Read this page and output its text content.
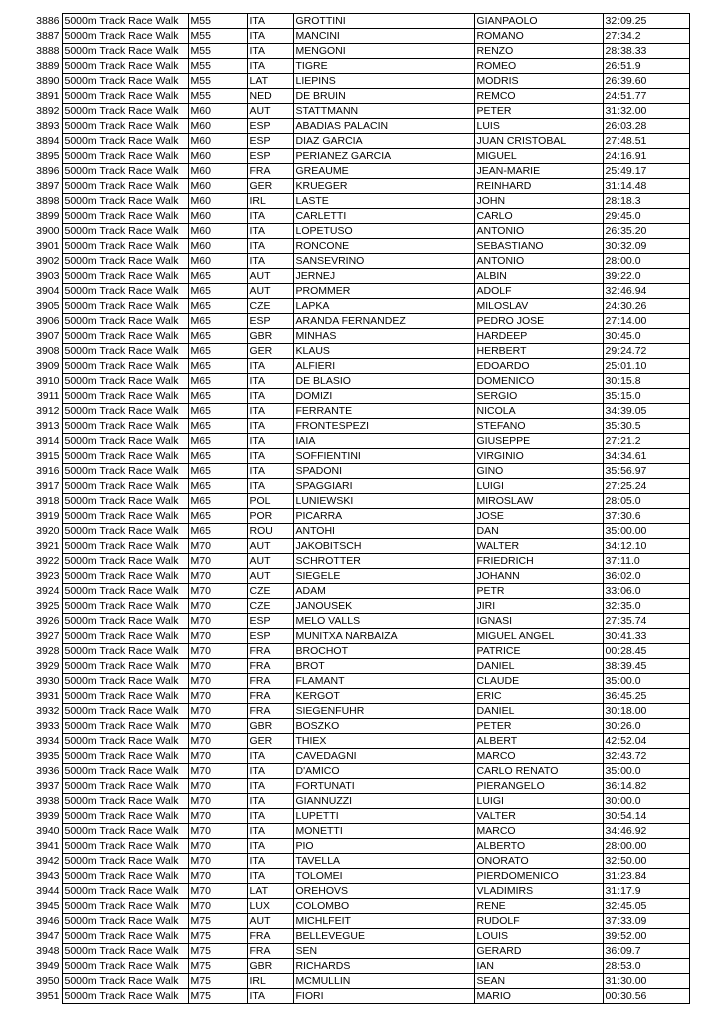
3886	5000m Track Race Walk	M55	ITA	GROTTINI	GIANPAOLO	32:09.25
3887	5000m Track Race Walk	M55	ITA	MANCINI	ROMANO	27:34.2
3888	5000m Track Race Walk	M55	ITA	MENGONI	RENZO	28:38.33
3889	5000m Track Race Walk	M55	ITA	TIGRE	ROMEO	26:51.9
3890	5000m Track Race Walk	M55	LAT	LIEPINS	MODRIS	26:39.60
3891	5000m Track Race Walk	M55	NED	DE BRUIN	REMCO	24:51.77
3892	5000m Track Race Walk	M60	AUT	STATTMANN	PETER	31:32.00
3893	5000m Track Race Walk	M60	ESP	ABADIAS PALACIN	LUIS	26:03.28
3894	5000m Track Race Walk	M60	ESP	DIAZ GARCIA	JUAN CRISTOBAL	27:48.51
3895	5000m Track Race Walk	M60	ESP	PERIANEZ GARCIA	MIGUEL	24:16.91
3896	5000m Track Race Walk	M60	FRA	GREAUME	JEAN-MARIE	25:49.17
3897	5000m Track Race Walk	M60	GER	KRUEGER	REINHARD	31:14.48
3898	5000m Track Race Walk	M60	IRL	LASTE	JOHN	28:18.3
3899	5000m Track Race Walk	M60	ITA	CARLETTI	CARLO	29:45.0
3900	5000m Track Race Walk	M60	ITA	LOPETUSO	ANTONIO	26:35.20
3901	5000m Track Race Walk	M60	ITA	RONCONE	SEBASTIANO	30:32.09
3902	5000m Track Race Walk	M60	ITA	SANSEVRINO	ANTONIO	28:00.0
3903	5000m Track Race Walk	M65	AUT	JERNEJ	ALBIN	39:22.0
3904	5000m Track Race Walk	M65	AUT	PROMMER	ADOLF	32:46.94
3905	5000m Track Race Walk	M65	CZE	LAPKA	MILOSLAV	24:30.26
3906	5000m Track Race Walk	M65	ESP	ARANDA FERNANDEZ	PEDRO JOSE	27:14.00
3907	5000m Track Race Walk	M65	GBR	MINHAS	HARDEEP	30:45.0
3908	5000m Track Race Walk	M65	GER	KLAUS	HERBERT	29:24.72
3909	5000m Track Race Walk	M65	ITA	ALFIERI	EDOARDO	25:01.10
3910	5000m Track Race Walk	M65	ITA	DE BLASIO	DOMENICO	30:15.8
3911	5000m Track Race Walk	M65	ITA	DOMIZI	SERGIO	35:15.0
3912	5000m Track Race Walk	M65	ITA	FERRANTE	NICOLA	34:39.05
3913	5000m Track Race Walk	M65	ITA	FRONTESPEZI	STEFANO	35:30.5
3914	5000m Track Race Walk	M65	ITA	IAIA	GIUSEPPE	27:21.2
3915	5000m Track Race Walk	M65	ITA	SOFFIENTINI	VIRGINIO	34:34.61
3916	5000m Track Race Walk	M65	ITA	SPADONI	GINO	35:56.97
3917	5000m Track Race Walk	M65	ITA	SPAGGIARI	LUIGI	27:25.24
3918	5000m Track Race Walk	M65	POL	LUNIEWSKI	MIROSLAW	28:05.0
3919	5000m Track Race Walk	M65	POR	PICARRA	JOSE	37:30.6
3920	5000m Track Race Walk	M65	ROU	ANTOHI	DAN	35:00.00
3921	5000m Track Race Walk	M70	AUT	JAKOBITSCH	WALTER	34:12.10
3922	5000m Track Race Walk	M70	AUT	SCHROTTER	FRIEDRICH	37:11.0
3923	5000m Track Race Walk	M70	AUT	SIEGELE	JOHANN	36:02.0
3924	5000m Track Race Walk	M70	CZE	ADAM	PETR	33:06.0
3925	5000m Track Race Walk	M70	CZE	JANOUSEK	JIRI	32:35.0
3926	5000m Track Race Walk	M70	ESP	MELO VALLS	IGNASI	27:35.74
3927	5000m Track Race Walk	M70	ESP	MUNITXA NARBAIZA	MIGUEL ANGEL	30:41.33
3928	5000m Track Race Walk	M70	FRA	BROCHOT	PATRICE	00:28.45
3929	5000m Track Race Walk	M70	FRA	BROT	DANIEL	38:39.45
3930	5000m Track Race Walk	M70	FRA	FLAMANT	CLAUDE	35:00.0
3931	5000m Track Race Walk	M70	FRA	KERGOT	ERIC	36:45.25
3932	5000m Track Race Walk	M70	FRA	SIEGENFUHR	DANIEL	30:18.00
3933	5000m Track Race Walk	M70	GBR	BOSZKO	PETER	30:26.0
3934	5000m Track Race Walk	M70	GER	THIEX	ALBERT	42:52.04
3935	5000m Track Race Walk	M70	ITA	CAVEDAGNI	MARCO	32:43.72
3936	5000m Track Race Walk	M70	ITA	D'AMICO	CARLO RENATO	35:00.0
3937	5000m Track Race Walk	M70	ITA	FORTUNATI	PIERANGELO	36:14.82
3938	5000m Track Race Walk	M70	ITA	GIANNUZZI	LUIGI	30:00.0
3939	5000m Track Race Walk	M70	ITA	LUPETTI	VALTER	30:54.14
3940	5000m Track Race Walk	M70	ITA	MONETTI	MARCO	34:46.92
3941	5000m Track Race Walk	M70	ITA	PIO	ALBERTO	28:00.00
3942	5000m Track Race Walk	M70	ITA	TAVELLA	ONORATO	32:50.00
3943	5000m Track Race Walk	M70	ITA	TOLOMEI	PIERDOMENICO	31:23.84
3944	5000m Track Race Walk	M70	LAT	OREHOVS	VLADIMIRS	31:17.9
3945	5000m Track Race Walk	M70	LUX	COLOMBO	RENE	32:45.05
3946	5000m Track Race Walk	M75	AUT	MICHLFEIT	RUDOLF	37:33.09
3947	5000m Track Race Walk	M75	FRA	BELLEVEGUE	LOUIS	39:52.00
3948	5000m Track Race Walk	M75	FRA	SEN	GERARD	36:09.7
3949	5000m Track Race Walk	M75	GBR	RICHARDS	IAN	28:53.0
3950	5000m Track Race Walk	M75	IRL	MCMULLIN	SEAN	31:30.00
3951	5000m Track Race Walk	M75	ITA	FIORI	MARIO	00:30.56
